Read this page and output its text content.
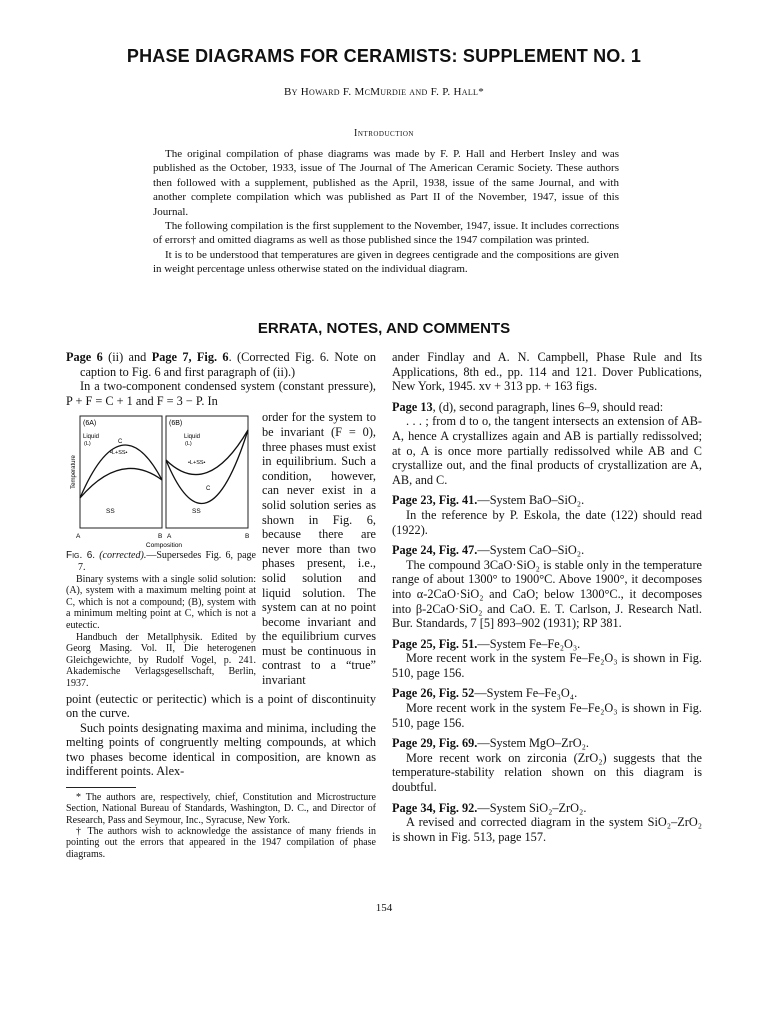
PHASE DIAGRAMS FOR CERAMISTS: SUPPLEMENT NO. 1
By Howard F. McMurdie and F. P. Hall*
Introduction

The original compilation of phase diagrams was made by F. P. Hall and Herbert Insley and was published as the October, 1933, issue of The Journal of The American Ceramic Society. These authors then followed with a supplement, published as the April, 1938, issue of the same Journal, and with another complete compilation which was published as Part II of the November, 1947, issue of this Journal.

The following compilation is the first supplement to the November, 1947, issue. It includes corrections of errors† and omitted diagrams as well as those published since the 1947 compilation was printed.

It is to be understood that temperatures are given in degrees centigrade and the compositions are given in weight percentage unless otherwise stated on the individual diagram.

ERRATA, NOTES, AND COMMENTS

Page 6 (ii) and Page 7, Fig. 6. (Corrected Fig. 6. Note on caption to Fig. 6 and first paragraph of (ii).)

In a two-component condensed system (constant pressure), P + F = C + 1 and F = 3 − P. In

(6A)	(6B)
Liquid
(L)
Liquid
(L)
•L+SS•
•L+SS•
C
C
SS	SS
Temperature
A	B A	B
Composition

Fig. 6. (corrected).—Supersedes Fig. 6, page 7.

Binary systems with a single solid solution: (A), system with a maximum melting point at C, which is not a compound; (B), system with a minimum melting point at C, which is not a eutectic.

Handbuch der Metallphysik. Edited by Georg Masing. Vol. II, Die heterogenen Gleichgewichte, by Rudolf Vogel, p. 241. Akademische Verlagsgesellschaft, Berlin, 1937.

order for the system to be invariant (F = 0), three phases must exist in equilibrium. Such a condition, however, can never exist in a solid solution series as shown in Fig. 6, because there are never more than two phases present, i.e., solid solution and liquid solution. The system can at no point become invariant and the equilibrium curves must be continuous in contrast to a “true” invariant

point (eutectic or peritectic) which is a point of discontinuity on the curve.

Such points designating maxima and minima, including the melting points of congruently melting compounds, at which two phases become identical in composition, are known as indifferent points. Alex-

* The authors are, respectively, chief, Constitution and Microstructure Section, National Bureau of Standards, Washington, D. C., and Director of Research, Pass and Seymour, Inc., Syracuse, New York.

† The authors wish to acknowledge the assistance of many friends in pointing out the errors that appeared in the 1947 compilation of phase diagrams.

ander Findlay and A. N. Campbell, Phase Rule and Its Applications, 8th ed., pp. 114 and 121. Dover Publications, New York, 1945. xv + 313 pp. + 163 figs.

Page 13, (d), second paragraph, lines 6–9, should read:

. . . ; from d to o, the tangent intersects an extension of AB-A, hence A crystallizes again and AB is partially redissolved; at o, A is once more partially redissolved while AB and C crystallize out, and the final products of crystallization are A, AB, and C.

Page 23, Fig. 41.—System BaO–SiO₂.

In the reference by P. Eskola, the date (122) should read (1922).

Page 24, Fig. 47.—System CaO–SiO₂.

The compound 3CaO·SiO₂ is stable only in the temperature range of about 1300° to 1900°C. Above 1900°, it decomposes into α-2CaO·SiO₂ and CaO; below 1300°C., it decomposes into β-2CaO·SiO₂ and CaO. E. T. Carlson, J. Research Natl. Bur. Standards, 7 [5] 893–902 (1931); RP 381.

Page 25, Fig. 51.—System Fe–Fe₂O₃.

More recent work in the system Fe–Fe₂O₃ is shown in Fig. 510, page 156.

Page 26, Fig. 52—System Fe–Fe₃O₄.

More recent work in the system Fe–Fe₂O₃ is shown in Fig. 510, page 156.

Page 29, Fig. 69.—System MgO–ZrO₂.

More recent work on zirconia (ZrO₂) suggests that the temperature-stability relation shown on this diagram is doubtful.

Page 34, Fig. 92.—System SiO₂–ZrO₂.

A revised and corrected diagram in the system SiO₂–ZrO₂ is shown in Fig. 513, page 157.

154
